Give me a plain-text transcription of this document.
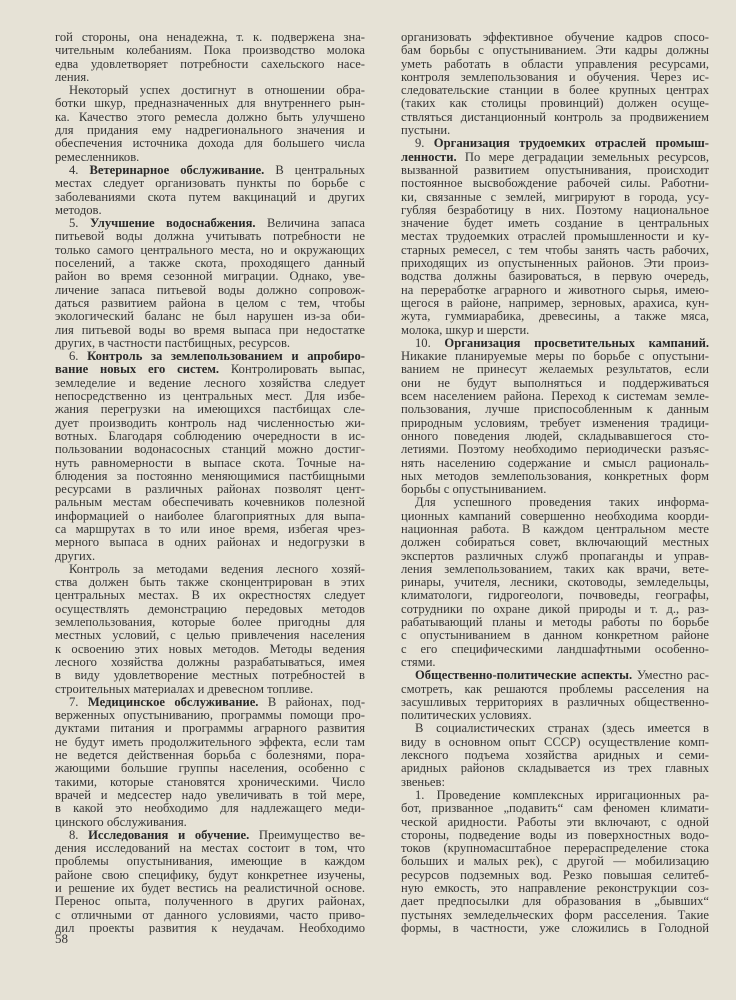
гой стороны, она ненадежна, т. к. подвержена зна-
чительным колебаниям. Пока производство молока
едва удовлетворяет потребности сахельского насе-
ления.
Некоторый успех достигнут в отношении обра-
ботки шкур, предназначенных для внутреннего рын-
ка. Качество этого ремесла должно быть улучшено
для придания ему надрегионального значения и
обеспечения источника дохода для большего числа
ремесленников.
4. Ветеринарное обслуживание. В центральных
местах следует организовать пункты по борьбе с
заболеваниями скота путем вакцинаций и других
методов.
5. Улучшение водоснабжения. Величина запаса
питьевой воды должна учитывать потребности не
только самого центрального места, но и окружающих
поселений, а также скота, проходящего данный
район во время сезонной миграции. Однако, уве-
личение запаса питьевой воды должно сопровож-
даться развитием района в целом с тем, чтобы
экологический баланс не был нарушен из-за оби-
лия питьевой воды во время выпаса при недостатке
других, в частности пастбищных, ресурсов.
6. Контроль за землепользованием и апробиро-
вание новых его систем. Контролировать выпас,
земледелие и ведение лесного хозяйства следует
непосредственно из центральных мест. Для избе-
жания перегрузки на имеющихся пастбищах сле-
дует производить контроль над численностью жи-
вотных. Благодаря соблюдению очередности в ис-
пользовании водонасосных станций можно достиг-
нуть равномерности в выпасе скота. Точные на-
блюдения за постоянно меняющимися пастбищными
ресурсами в различных районах позволят цент-
ральным местам обеспечивать кочевников полезной
информацией о наиболее благоприятных для выпа-
са маршрутах в то или иное время, избегая чрез-
мерного выпаса в одних районах и недогрузки в
других.
Контроль за методами ведения лесного хозяй-
ства должен быть также сконцентрирован в этих
центральных местах. В их окрестностях следует
осуществлять демонстрацию передовых методов
землепользования, которые более пригодны для
местных условий, с целью привлечения населения
к освоению этих новых методов. Методы ведения
лесного хозяйства должны разрабатываться, имея
в виду удовлетворение местных потребностей в
строительных материалах и древесном топливе.
7. Медицинское обслуживание. В районах, под-
верженных опустыниванию, программы помощи про-
дуктами питания и программы аграрного развития
не будут иметь продолжительного эффекта, если там
не ведется действенная борьба с болезнями, пора-
жающими большие группы населения, особенно с
такими, которые становятся хроническими. Число
врачей и медсестер надо увеличивать в той мере,
в какой это необходимо для надлежащего меди-
цинского обслуживания.
8. Исследования и обучение. Преимущество ве-
дения исследований на местах состоит в том, что
проблемы опустынивания, имеющие в каждом
районе свою специфику, будут конкретнее изучены,
и решение их будет вестись на реалистичной основе.
Перенос опыта, полученного в других районах,
с отличными от данного условиями, часто приво-
дил проекты развития к неудачам. Необходимо
организовать эффективное обучение кадров спосо-
бам борьбы с опустыниванием. Эти кадры должны
уметь работать в области управления ресурсами,
контроля землепользования и обучения. Через ис-
следовательские станции в более крупных центрах
(таких как столицы провинций) должен осуще-
ствляться дистанционный контроль за продвижением
пустыни.
9. Организация трудоемких отраслей промыш-
ленности. По мере деградации земельных ресурсов,
вызванной развитием опустынивания, происходит
постоянное высвобождение рабочей силы. Работни-
ки, связанные с землей, мигрируют в города, усу-
губляя безработицу в них. Поэтому национальное
значение будет иметь создание в центральных
местах трудоемких отраслей промышленности и ку-
старных ремесел, с тем чтобы занять часть рабочих,
приходящих из опустыненных районов. Эти произ-
водства должны базироваться, в первую очередь,
на переработке аграрного и животного сырья, имею-
щегося в районе, например, зерновых, арахиса, кун-
жута, гуммиарабика, древесины, а также мяса,
молока, шкур и шерсти.
10. Организация просветительных кампаний.
Никакие планируемые меры по борьбе с опустыни-
ванием не принесут желаемых результатов, если
они не будут выполняться и поддерживаться
всем населением района. Переход к системам земле-
пользования, лучше приспособленным к данным
природным условиям, требует изменения традици-
онного поведения людей, складывавшегося сто-
летиями. Поэтому необходимо периодически разъяс-
нять населению содержание и смысл рациональ-
ных методов землепользования, конкретных форм
борьбы с опустыниванием.
Для успешного проведения таких информа-
ционных кампаний совершенно необходима коорди-
национная работа. В каждом центральном месте
должен собираться совет, включающий местных
экспертов различных служб пропаганды и управ-
ления землепользованием, таких как врачи, вете-
ринары, учителя, лесники, скотоводы, земледельцы,
климатологи, гидрогеологи, почвоведы, географы,
сотрудники по охране дикой природы и т. д., раз-
рабатывающий планы и методы работы по борьбе
с опустыниванием в данном конкретном районе
с его специфическими ландшафтными особенно-
стями.
Общественно-политические аспекты. Уместно рас-
смотреть, как решаются проблемы расселения на
засушливых территориях в различных общественно-
политических условиях.
В социалистических странах (здесь имеется в
виду в основном опыт СССР) осуществление комп-
лексного подъема хозяйства аридных и семи-
аридных районов складывается из трех главных
звеньев:
1. Проведение комплексных ирригационных ра-
бот, призванное „подавить“ сам феномен климати-
ческой аридности. Работы эти включают, с одной
стороны, подведение воды из поверхностных водо-
токов (крупномасштабное перераспределение стока
больших и малых рек), с другой — мобилизацию
ресурсов подземных вод. Резко повышая селитеб-
ную емкость, это направление реконструкции соз-
дает предпосылки для образования в „бывших“
пустынях земледельческих форм расселения. Такие
формы, в частности, уже сложились в Голодной
58
